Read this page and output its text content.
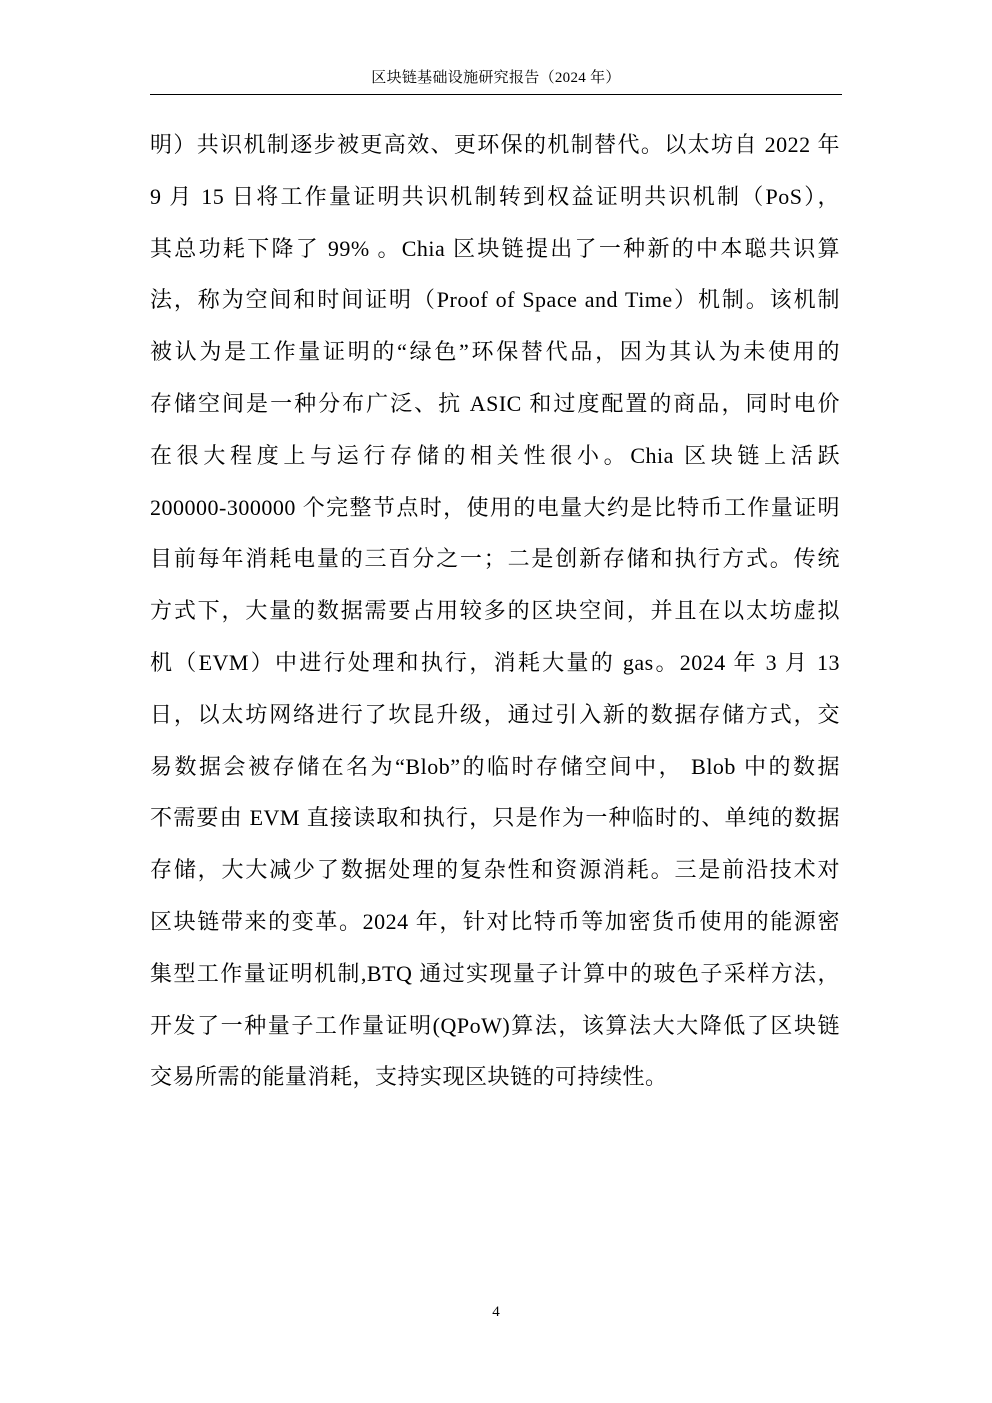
区块链基础设施研究报告（2024 年）
明）共识机制逐步被更高效、更环保的机制替代。以太坊自 2022 年
9 月 15 日将工作量证明共识机制转到权益证明共识机制（PoS），
其总功耗下降了 99% 。Chia 区块链提出了一种新的中本聪共识算
法，称为空间和时间证明（Proof of Space and Time）机制。该机制
被认为是工作量证明的“绿色”环保替代品，因为其认为未使用的
存储空间是一种分布广泛、抗 ASIC 和过度配置的商品，同时电价
在很大程度上与运行存储的相关性很小。Chia 区块链上活跃
200000-300000 个完整节点时，使用的电量大约是比特币工作量证明
目前每年消耗电量的三百分之一；二是创新存储和执行方式。传统
方式下，大量的数据需要占用较多的区块空间，并且在以太坊虚拟
机（EVM）中进行处理和执行，消耗大量的 gas。2024 年 3 月 13
日，以太坊网络进行了坎昆升级，通过引入新的数据存储方式，交
易数据会被存储在名为“Blob”的临时存储空间中， Blob 中的数据
不需要由 EVM 直接读取和执行，只是作为一种临时的、单纯的数据
存储，大大减少了数据处理的复杂性和资源消耗。三是前沿技术对
区块链带来的变革。2024 年，针对比特币等加密货币使用的能源密
集型工作量证明机制,BTQ 通过实现量子计算中的玻色子采样方法，
开发了一种量子工作量证明(QPoW)算法，该算法大大降低了区块链
交易所需的能量消耗，支持实现区块链的可持续性。
4
